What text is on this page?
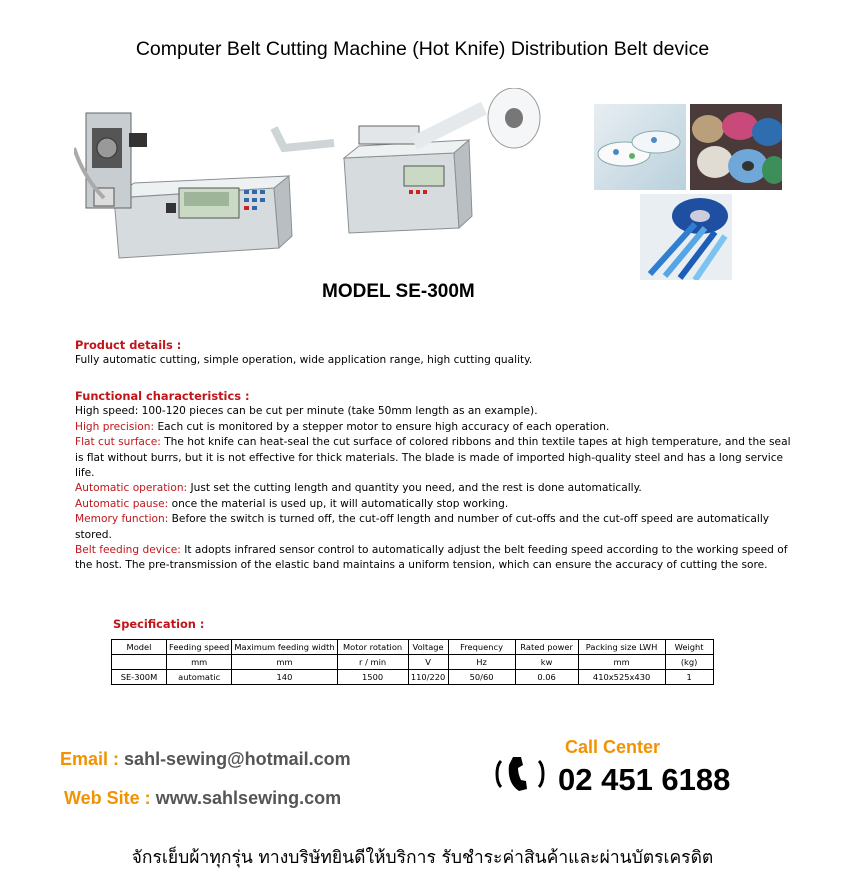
Computer Belt Cutting Machine (Hot Knife) Distribution Belt device
MODEL SE-300M
Product details :
Fully automatic cutting, simple operation, wide application range, high cutting quality.
Functional characteristics :
High speed: 100-120 pieces can be cut per minute (take 50mm length as an example).
High precision: Each cut is monitored by a stepper motor to ensure high accuracy of each operation.
Flat cut surface: The hot knife can heat-seal the cut surface of colored ribbons and thin textile tapes at high temperature, and the seal is flat without burrs, but it is not effective for thick materials. The blade is made of imported high-quality steel and has a long service life.
Automatic operation: Just set the cutting length and quantity you need, and the rest is done automatically.
Automatic pause: once the material is used up, it will automatically stop working.
Memory function: Before the switch is turned off, the cut-off length and number of cut-offs and the cut-off speed are automatically stored.
Belt feeding device: It adopts infrared sensor control to automatically adjust the belt feeding speed according to the working speed of the host. The pre-transmission of the elastic band maintains a uniform tension, which can ensure the accuracy of cutting the sore.
Specification :
Model	Feeding speed	Maximum feeding width	Motor rotation	Voltage	Frequency	Rated power	Packing size LWH	Weight
	mm	mm	r / min	V	Hz	kw	mm	(kg)
SE-300M	automatic	140	1500	110/220	50/60	0.06	410x525x430	1
Email : sahl-sewing@hotmail.com
Web Site : www.sahlsewing.com
Call Center
02 451 6188
จักรเย็บผ้าทุกรุ่น ทางบริษัทยินดีให้บริการ รับชำระค่าสินค้าและผ่านบัตรเครดิต
